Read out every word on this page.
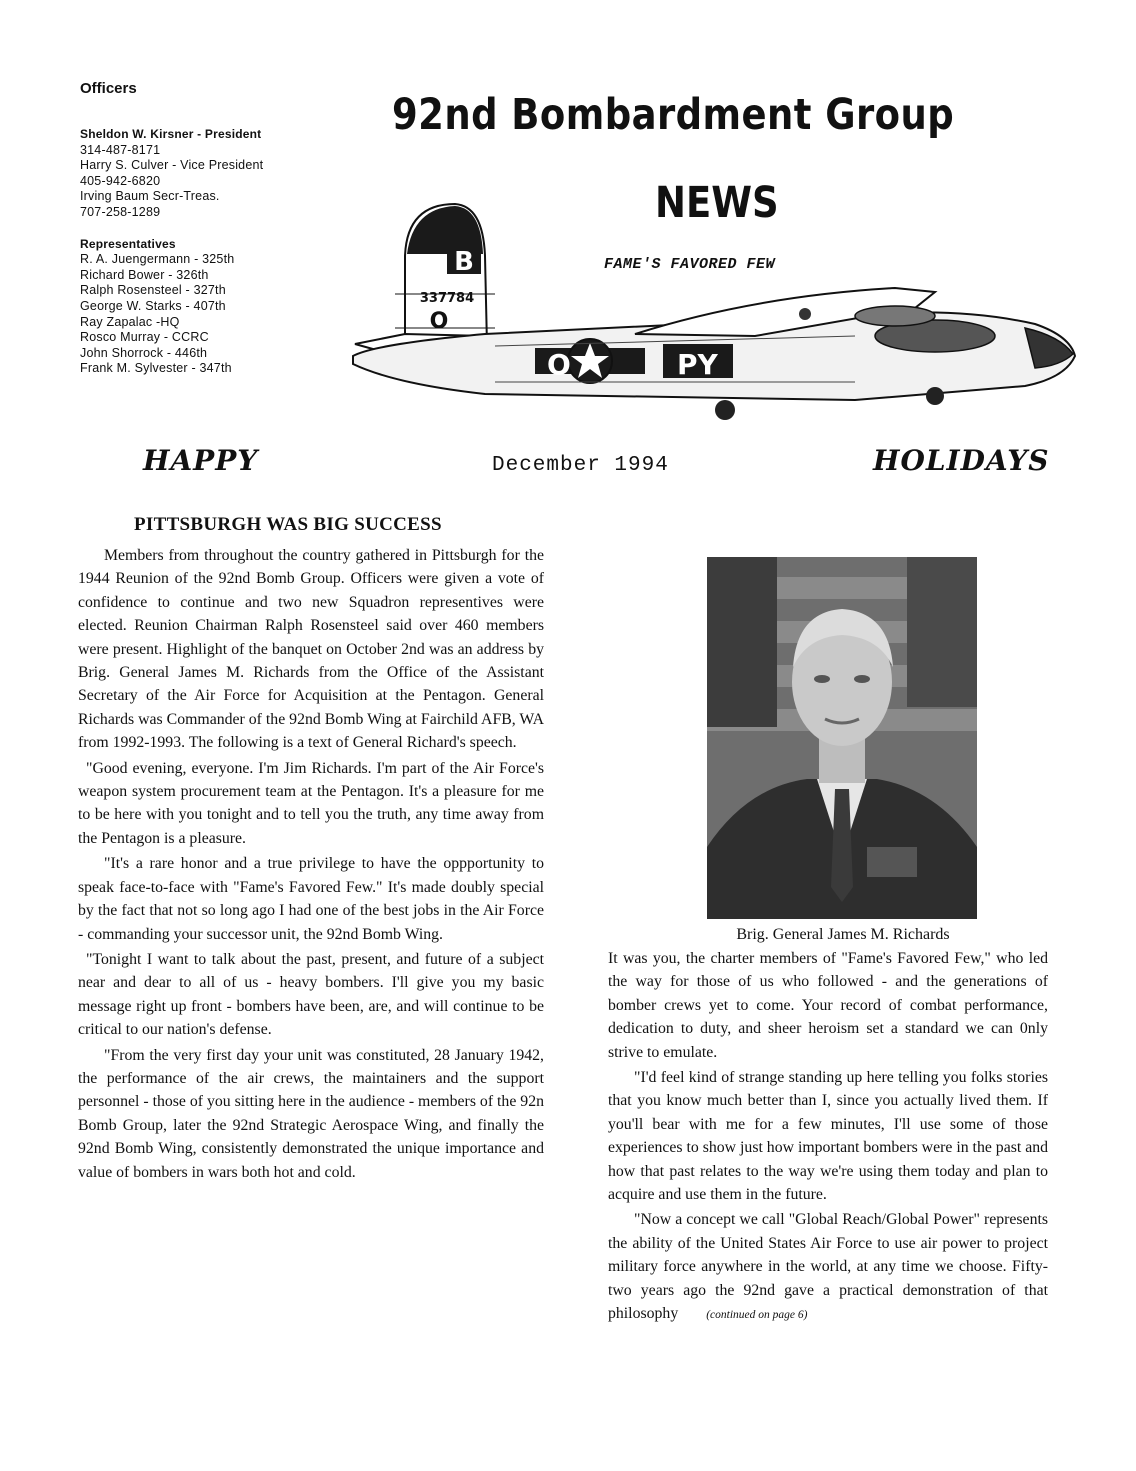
Officers
Sheldon W. Kirsner - President
314-487-8171
Harry S. Culver - Vice President
405-942-6820
Irving Baum Secr-Treas.
707-258-1289
Representatives
R. A. Juengermann - 325th
Richard Bower - 326th
Ralph Rosensteel - 327th
George W. Starks - 407th
Ray Zapalac -HQ
Rosco Murray - CCRC
John Shorrock - 446th
Frank M. Sylvester - 347th
92nd Bombardment Group
B
337784
O
O	PY
NEWS
FAME'S FAVORED FEW
HAPPY	December 1994	HOLIDAYS
PITTSBURGH WAS BIG SUCCESS

Members from throughout the country gathered in Pittsburgh for the 1944 Reunion of the 92nd Bomb Group. Officers were given a vote of confidence to continue and two new Squadron representives were elected. Reunion Chairman Ralph Rosensteel said over 460 members were present. Highlight of the banquet on October 2nd was an address by Brig. General James M. Richards from the Office of the Assistant Secretary of the Air Force for Acquisition at the Pentagon. General Richards was Commander of the 92nd Bomb Wing at Fairchild AFB, WA from 1992-1993. The following is a text of General Richard's speech.

"Good evening, everyone. I'm Jim Richards. I'm part of the Air Force's weapon system procurement team at the Pentagon. It's a pleasure for me to be here with you tonight and to tell you the truth, any time away from the Pentagon is a pleasure.

"It's a rare honor and a true privilege to have the oppportunity to speak face-to-face with "Fame's Favored Few." It's made doubly special by the fact that not so long ago I had one of the best jobs in the Air Force - commanding your successor unit, the 92nd Bomb Wing.

"Tonight I want to talk about the past, present, and future of a subject near and dear to all of us - heavy bombers. I'll give you my basic message right up front - bombers have been, are, and will continue to be critical to our nation's defense.

"From the very first day your unit was constituted, 28 January 1942, the performance of the air crews, the maintainers and the support personnel - those of you sitting here in the audience - members of the 92n Bomb Group, later the 92nd Strategic Aerospace Wing, and finally the 92nd Bomb Wing, consistently demonstrated the unique importance and value of bombers in wars both hot and cold.

Brig. General James M. Richards

It was you, the charter members of "Fame's Favored Few," who led the way for those of us who followed - and the generations of bomber crews yet to come. Your record of combat performance, dedication to duty, and sheer heroism set a standard we can 0nly strive to emulate.

"I'd feel kind of strange standing up here telling you folks stories that you know much better than I, since you actually lived them. If you'll bear with me for a few minutes, I'll use some of those experiences to show just how important bombers were in the past and how that past relates to the way we're using them today and plan to acquire and use them in the future.

"Now a concept we call "Global Reach/Global Power" represents the ability of the United States Air Force to use air power to project military force anywhere in the world, at any time we choose. Fifty-two years ago the 92nd gave a practical demonstration of that philosophy (continued on page 6)
